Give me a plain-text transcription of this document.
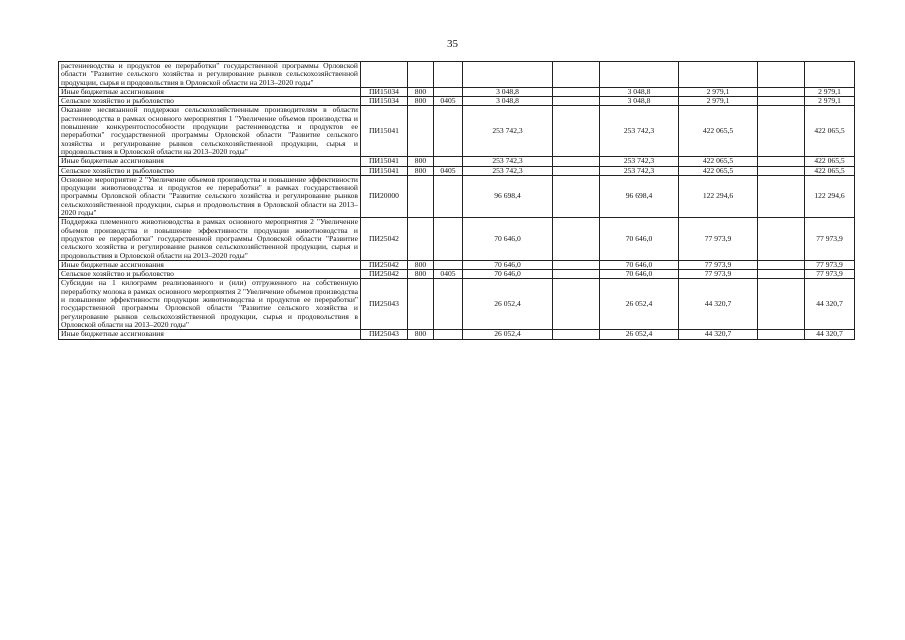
35
растениеводства и продуктов ее переработки" государственной программы Орловской области "Развитие сельского хозяйства и регулирование рынков сельскохозяйственной продукции, сырья и продовольствия в Орловской области на 2013–2020 годы"									
Иные бюджетные ассигнования	ПИ15034	800		3 048,8		3 048,8	2 979,1		2 979,1
Сельское хозяйство и рыболовство	ПИ15034	800	0405	3 048,8		3 048,8	2 979,1		2 979,1
Оказание несвязанной поддержки сельскохозяйственным производителям в области растениеводства в рамках основного мероприятия 1 "Увеличение объемов производства и повышение конкурентоспособности продукции растениеводства и продуктов ее переработки" государственной программы Орловской области "Развитие сельского хозяйства и регулирование рынков сельскохозяйственной продукции, сырья и продовольствия в Орловской области на 2013–2020 годы"	ПИ15041			253 742,3		253 742,3	422 065,5		422 065,5
Иные бюджетные ассигнования	ПИ15041	800		253 742,3		253 742,3	422 065,5		422 065,5
Сельское хозяйство и рыболовство	ПИ15041	800	0405	253 742,3		253 742,3	422 065,5		422 065,5
Основное мероприятие 2 "Увеличение объемов производства и повышение эффективности продукции животноводства и продуктов ее переработки" в рамках государственной программы Орловской области "Развитие сельского хозяйства и регулирование рынков сельскохозяйственной продукции, сырья и продовольствия в Орловской области на 2013–2020 годы"	ПИ20000			96 698,4		96 698,4	122 294,6		122 294,6
Поддержка племенного животноводства в рамках основного мероприятия 2 "Увеличение объемов производства и повышение эффективности продукции животноводства и продуктов ее переработки" государственной программы Орловской области "Развитие сельского хозяйства и регулирование рынков сельскохозяйственной продукции, сырья и продовольствия в Орловской области на 2013–2020 годы"	ПИ25042			70 646,0		70 646,0	77 973,9		77 973,9
Иные бюджетные ассигнования	ПИ25042	800		70 646,0		70 646,0	77 973,9		77 973,9
Сельское хозяйство и рыболовство	ПИ25042	800	0405	70 646,0		70 646,0	77 973,9		77 973,9
Субсидии на 1 килограмм реализованного и (или) отгруженного на собственную переработку молока в рамках основного мероприятия 2 "Увеличение объемов производства и повышение эффективности продукции животноводства и продуктов ее переработки" государственной программы Орловской области "Развитие сельского хозяйства и регулирование рынков сельскохозяйственной продукции, сырья и продовольствия в Орловской области на 2013–2020 годы"	ПИ25043			26 052,4		26 052,4	44 320,7		44 320,7
Иные бюджетные ассигнования	ПИ25043	800		26 052,4		26 052,4	44 320,7		44 320,7
